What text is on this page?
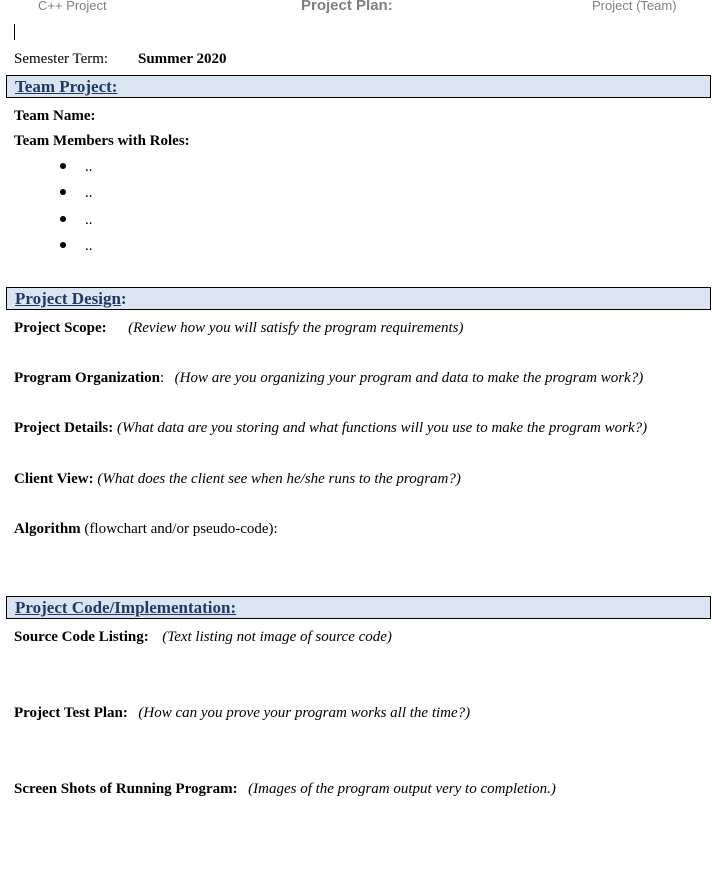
C++ Project	Project Plan:	Project (Team)
Semester Term: Summer 2020
Team Project:
Team Name:
Team Members with Roles:
..
..
..
..
Project Design:
Project Scope: (Review how you will satisfy the program requirements)
Program Organization: (How are you organizing your program and data to make the program work?)
Project Details: (What data are you storing and what functions will you use to make the program work?)
Client View: (What does the client see when he/she runs to the program?)
Algorithm (flowchart and/or pseudo-code):
Project Code/Implementation:
Source Code Listing: (Text listing not image of source code)
Project Test Plan: (How can you prove your program works all the time?)
Screen Shots of Running Program: (Images of the program output very to completion.)
